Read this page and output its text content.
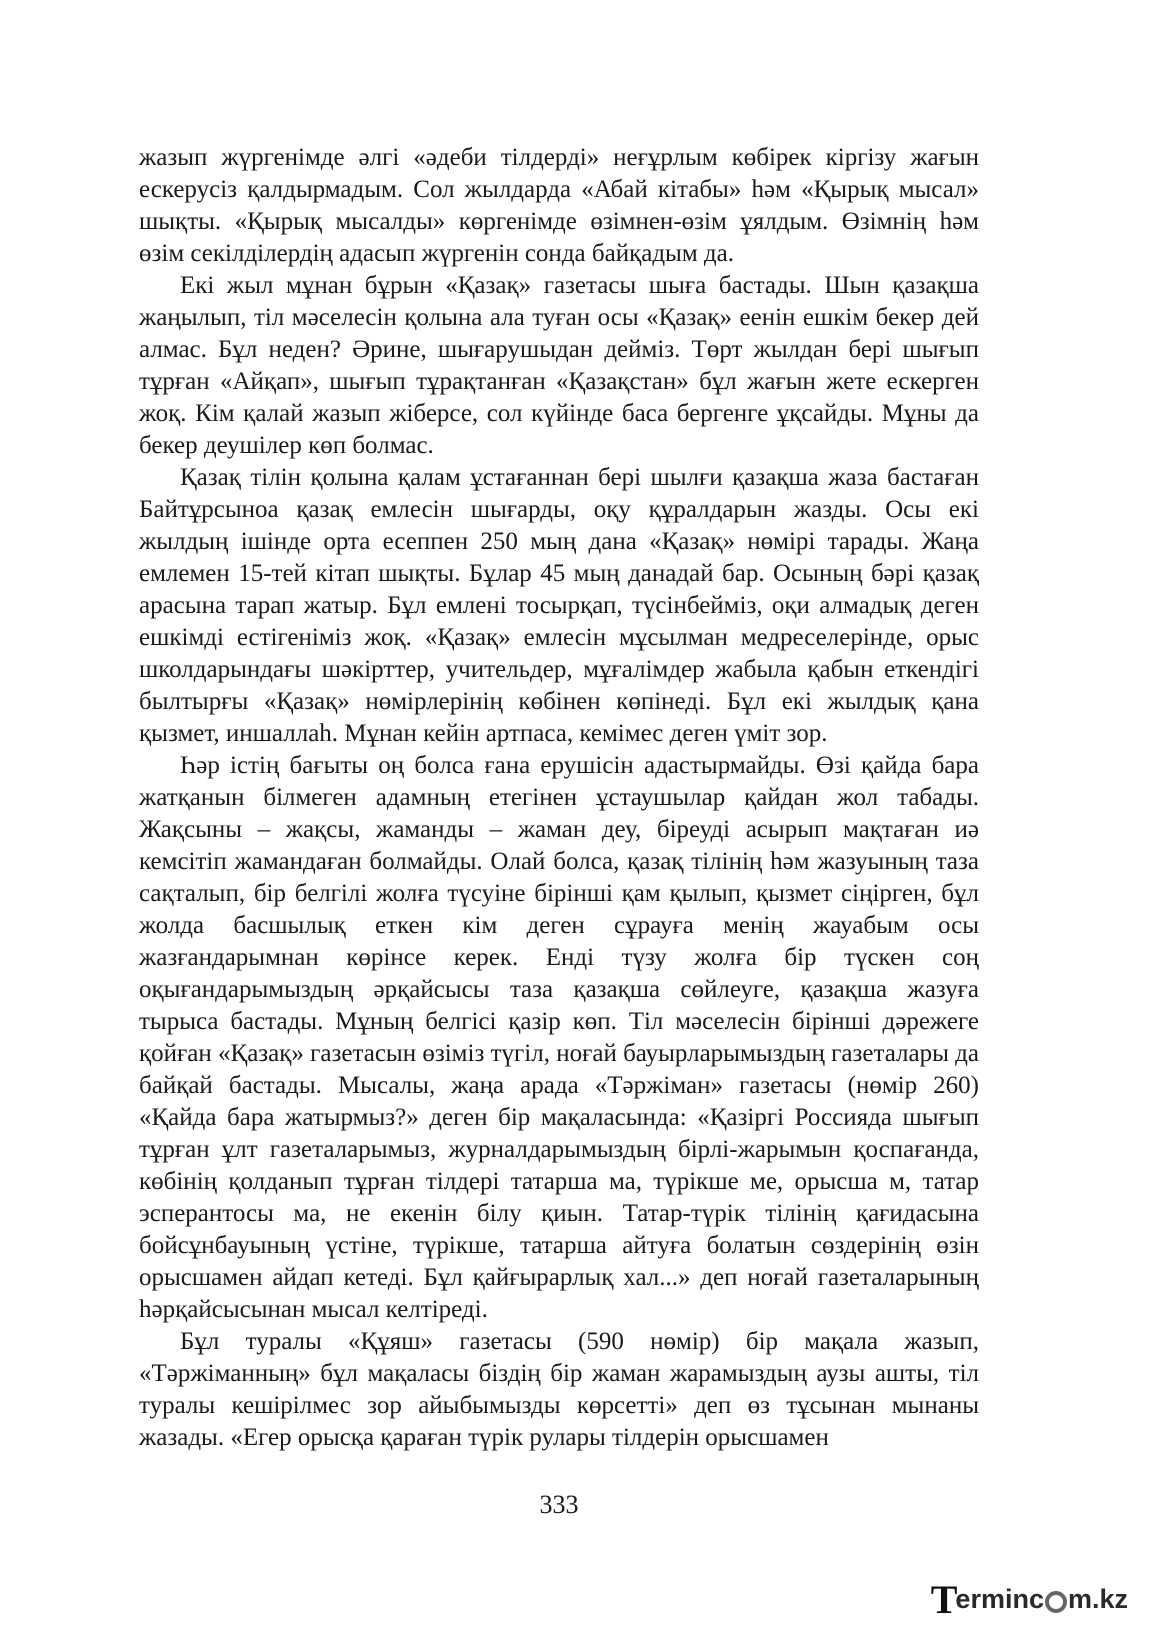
жазып жүргенімде әлгі «әдеби тілдерді» неғұрлым көбірек кіргізу жағын ескерусіз қалдырмадым. Сол жылдарда «Абай кітабы» һәм «Қырық мысал» шықты. «Қырық мысалды» көргенімде өзімнен-өзім ұялдым. Өзімнің һәм өзім секілділердің адасып жүргенін сонда байқадым да.

Екі жыл мұнан бұрын «Қазақ» газетасы шыға бастады. Шын қазақша жаңылып, тіл мәселесін қолына ала туған осы «Қазақ» еенін ешкім бекер дей алмас. Бұл неден? Әрине, шығарушыдан дейміз. Төрт жылдан бері шығып тұрған «Айқап», шығып тұрақтанған «Қазақстан» бұл жағын жете ескерген жоқ. Кім қалай жазып жіберсе, сол күйінде баса бергенге ұқсайды. Мұны да бекер деушілер көп болмас.

Қазақ тілін қолына қалам ұстағаннан бері шылғи қазақша жаза бастаған Байтұрсыноа қазақ емлесін шығарды, оқу құралдарын жазды. Осы екі жылдың ішінде орта есеппен 250 мың дана «Қазақ» нөмірі тарады. Жаңа емлемен 15-тей кітап шықты. Бұлар 45 мың данадай бар. Осының бәрі қазақ арасына тарап жатыр. Бұл емлені тосырқап, түсінбейміз, оқи алмадық деген ешкімді естігеніміз жоқ. «Қазақ» емлесін мұсылман медреселерінде, орыс школдарындағы шәкірттер, учительдер, мұғалімдер жабыла қабын еткендігі былтырғы «Қазақ» нөмірлерінің көбінен көпінеді. Бұл екі жылдық қана қызмет, иншаллаһ. Мұнан кейін артпаса, кемімес деген үміт зор.

Һәр істің бағыты оң болса ғана ерушісін адастырмайды. Өзі қайда бара жатқанын білмеген адамның етегінен ұстаушылар қайдан жол табады. Жақсыны – жақсы, жаманды – жаман деу, біреуді асырып мақтаған иә кемсітіп жамандаған болмайды. Олай болса, қазақ тілінің һәм жазуының таза сақталып, бір белгілі жолға түсуіне бірінші қам қылып, қызмет сіңірген, бұл жолда басшылық еткен кім деген сұрауға менің жауабым осы жазғандарымнан көрінсе керек. Енді түзу жолға бір түскен соң оқығандарымыздың әрқайсысы таза қазақша сөйлеуге, қазақша жазуға тырыса бастады. Мұның белгісі қазір көп. Тіл мәселесін бірінші дәрежеге қойған «Қазақ» газетасын өзіміз түгіл, ноғай бауырларымыздың газеталары да байқай бастады. Мысалы, жаңа арада «Тәржіман» газетасы (нөмір 260) «Қайда бара жатырмыз?» деген бір мақаласында: «Қазіргі Россияда шығып тұрған ұлт газеталарымыз, журналдарымыздың бірлі-жарымын қоспағанда, көбінің қолданып тұрған тілдері татарша ма, түрікше ме, орысша м, татар эсперантосы ма, не екенін білу қиын. Татар-түрік тілінің қағидасына бойсұнбауының үстіне, түрікше, татарша айтуға болатын сөздерінің өзін орысшамен айдап кетеді. Бұл қайғырарлық хал...» деп ноғай газеталарының һәрқайсысынан мысал келтіреді.

Бұл туралы «Құяш» газетасы (590 нөмір) бір мақала жазып, «Тәржіманның» бұл мақаласы біздің бір жаман жарамыздың аузы ашты, тіл туралы кешірілмес зор айыбымызды көрсетті» деп өз тұсынан мынаны жазады. «Егер орысқа қараған түрік рулары тілдерін орысшамен

333
T
erminc m.kz
